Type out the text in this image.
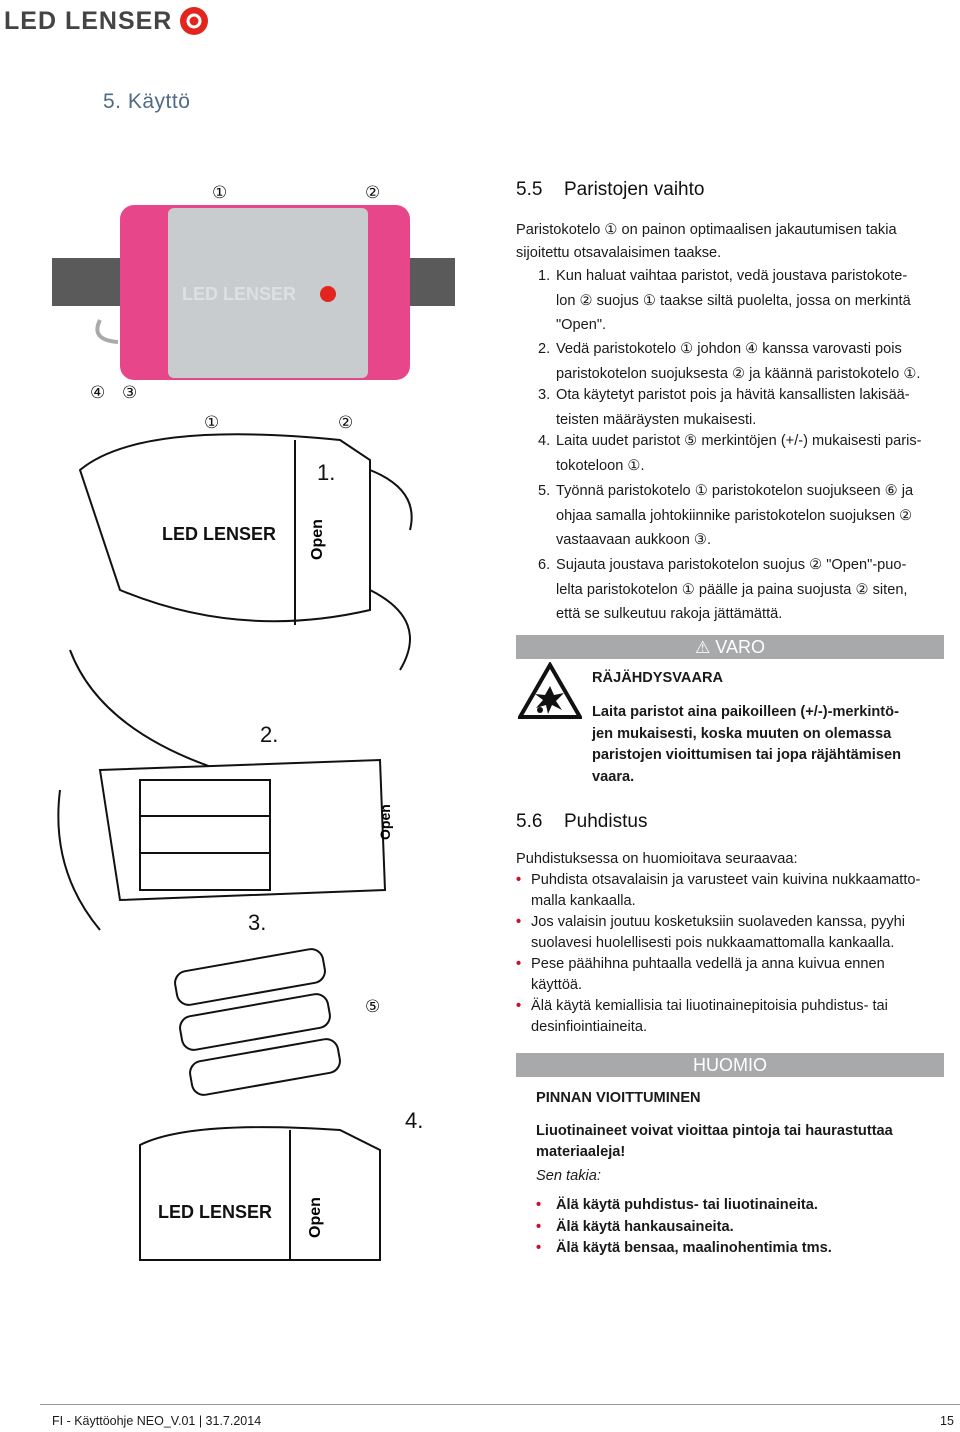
LED LENSER
5. Käyttö
LED LENSER
①	②
④ ③
①	②
⑤
LED LENSER Open
1.
2.
Open
3.
LED LENSER Open
4.
5.5 Paristojen vaihto
Paristokotelo ① on painon optimaalisen jakautumisen takia
sijoitettu otsavalaisimen taakse.
1. Kun haluat vaihtaa paristot, vedä joustava paristokote-
lon ② suojus ① taakse siltä puolelta, jossa on merkintä
"Open".
2. Vedä paristokotelo ① johdon ④ kanssa varovasti pois
paristokotelon suojuksesta ② ja käännä paristokotelo ①.
3. Ota käytetyt paristot pois ja hävitä kansallisten lakisää-
teisten määräysten mukaisesti.
4. Laita uudet paristot ⑤ merkintöjen (+/-) mukaisesti paris-
tokoteloon ①.
5. Työnnä paristokotelo ① paristokotelon suojukseen ⑥ ja
ohjaa samalla johtokiinnike paristokotelon suojuksen ②
vastaavaan aukkoon ③.
6. Sujauta joustava paristokotelon suojus ② "Open"-puo-
lelta paristokotelon ① päälle ja paina suojusta ② siten,
että se sulkeutuu rakoja jättämättä.
⚠ VARO
RÄJÄHDYSVAARA
Laita paristot aina paikoilleen (+/-)-merkintö-
jen mukaisesti, koska muuten on olemassa
paristojen vioittumisen tai jopa räjähtämisen
vaara.
5.6 Puhdistus
Puhdistuksessa on huomioitava seuraavaa:
• Puhdista otsavalaisin ja varusteet vain kuivina nukkaamatto-
malla kankaalla.
• Jos valaisin joutuu kosketuksiin suolaveden kanssa, pyyhi
suolavesi huolellisesti pois nukkaamattomalla kankaalla.
• Pese päähihna puhtaalla vedellä ja anna kuivua ennen
käyttöä.
• Älä käytä kemiallisia tai liuotinainepitoisia puhdistus- tai
desinfiointiaineita.
HUOMIO
PINNAN VIOITTUMINEN
Liuotinaineet voivat vioittaa pintoja tai haurastuttaa
materiaaleja!
Sen takia:
• Älä käytä puhdistus- tai liuotinaineita.
• Älä käytä hankausaineita.
• Älä käytä bensaa, maalinohentimia tms.
FI - Käyttöohje NEO_V.01 | 31.7.2014	15
